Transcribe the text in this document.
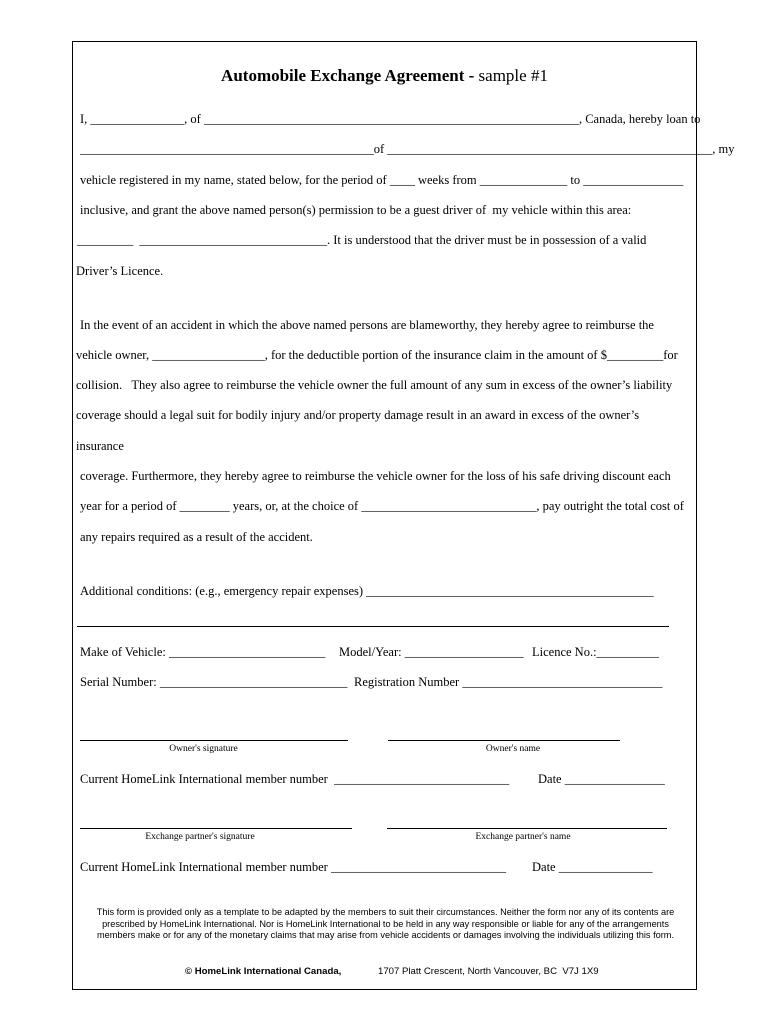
Automobile Exchange Agreement - sample #1
I, _______________, of ____________________________________________________________, Canada, hereby loan to
_______________________________________________of ____________________________________________________, my
vehicle registered in my name, stated below, for the period of ____ weeks from ______________ to ________________
inclusive, and grant the above named person(s) permission to be a guest driver of  my vehicle within this area:
_________  ______________________________. It is understood that the driver must be in possession of a valid
Driver’s Licence.
In the event of an accident in which the above named persons are blameworthy, they hereby agree to reimburse the
vehicle owner, __________________, for the deductible portion of the insurance claim in the amount of $_________for
collision.   They also agree to reimburse the vehicle owner the full amount of any sum in excess of the owner’s liability
coverage should a legal suit for bodily injury and/or property damage result in an award in excess of the owner’s
insurance
coverage. Furthermore, they hereby agree to reimburse the vehicle owner for the loss of his safe driving discount each
year for a period of ________ years, or, at the choice of ____________________________, pay outright the total cost of
any repairs required as a result of the accident.
Additional conditions: (e.g., emergency repair expenses) ______________________________________________
Make of Vehicle: _________________________ Model/Year: ___________________ Licence No.:__________
Serial Number: ______________________________ Registration Number ________________________________
Owner's signature	Owner's name
Current HomeLink International member number  ____________________________ Date ________________
Exchange partner's signature	Exchange partner's name
Current HomeLink International member number ____________________________ Date _______________
This form is provided only as a template to be adapted by the members to suit their circumstances. Neither the form nor any of its contents are prescribed by HomeLink International. Nor is HomeLink International to be held in any way responsible or liable for any of the arrangements members make or for any of the monetary claims that may arise from vehicle accidents or damages involving the individuals utilizing this form.
© HomeLink International Canada,	1707 Platt Crescent, North Vancouver, BC  V7J 1X9
